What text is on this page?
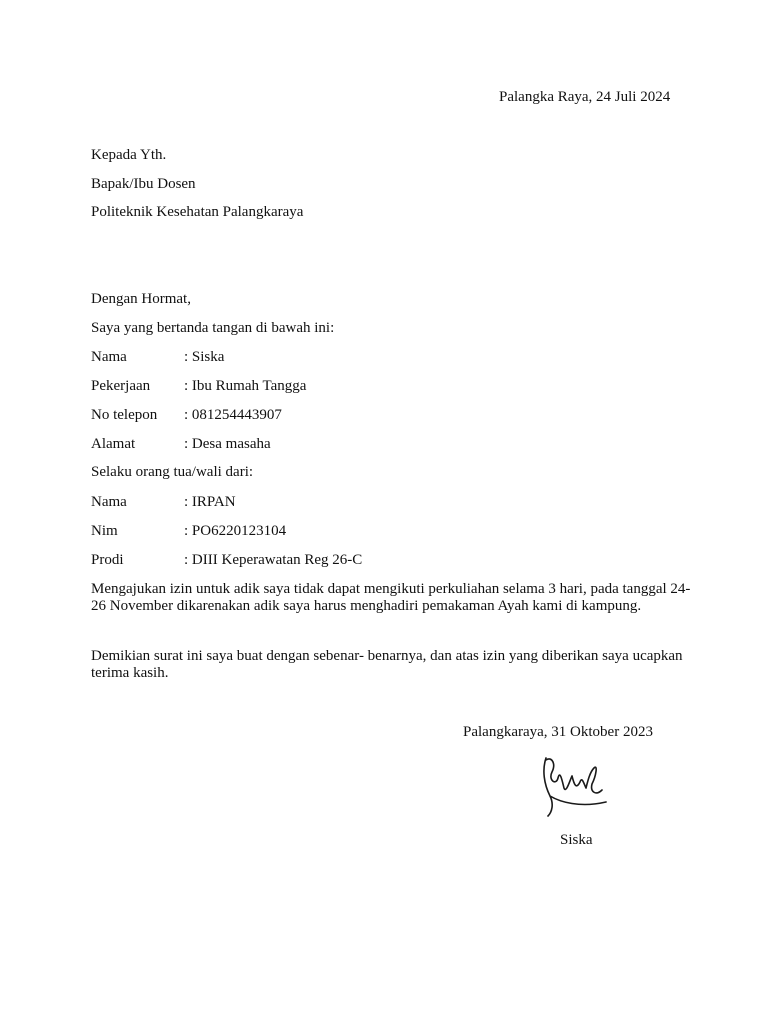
Palangka Raya, 24 Juli 2024
Kepada Yth.
Bapak/Ibu Dosen
Politeknik Kesehatan Palangkaraya
Dengan Hormat,
Saya yang bertanda tangan di bawah ini:
Nama	: Siska
Pekerjaan : Ibu Rumah Tangga
No telepon : 081254443907
Alamat	: Desa masaha
Selaku orang tua/wali dari:
Nama	: IRPAN
Nim	: PO6220123104
Prodi	: DIII Keperawatan Reg 26-C
Mengajukan izin untuk adik saya tidak dapat mengikuti perkuliahan selama 3 hari, pada tanggal 24-26 November dikarenakan adik saya harus menghadiri pemakaman Ayah kami di kampung.
Demikian surat ini saya buat dengan sebenar- benarnya, dan atas izin yang diberikan saya ucapkan terima kasih.
Palangkaraya, 31 Oktober 2023
Siska
